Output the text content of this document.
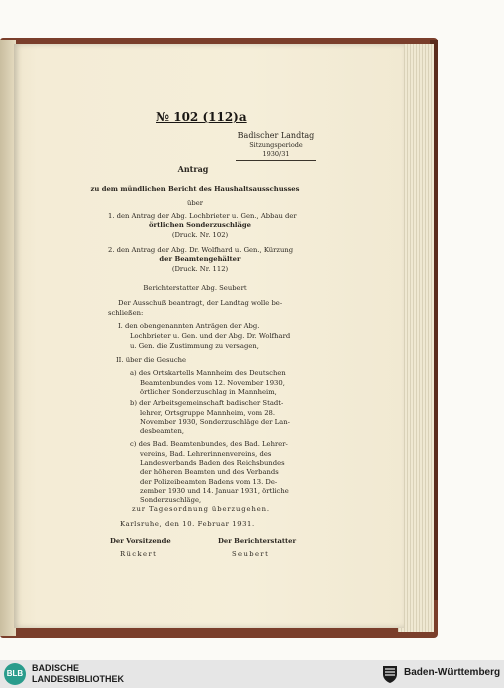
№ 102 (112)a
Badischer Landtag
Sitzungsperiode
1930/31
Antrag
zu dem mündlichen Bericht des Haushaltsausschusses
über
1. den Antrag der Abg. Lochbrieter u. Gen., Abbau der
örtlichen Sonderzuschläge
(Druck. Nr. 102)
2. den Antrag der Abg. Dr. Wolfhard u. Gen., Kürzung
der Beamtengehälter
(Druck. Nr. 112)
Berichterstatter Abg. Seubert
Der Ausschuß beantragt, der Landtag wolle be-
schließen:
I. den obengenannten Anträgen der Abg.
Lochbrieter u. Gen. und der Abg. Dr. Wolfhard
u. Gen. die Zustimmung zu versagen,
II. über die Gesuche
a) des Ortskartells Mannheim des Deutschen
Beamtenbundes vom 12. November 1930,
örtlicher Sonderzuschlag in Mannheim,
b) der Arbeitsgemeinschaft badischer Stadt-
lehrer, Ortsgruppe Mannheim, vom 28.
November 1930, Sonderzuschläge der Lan-
desbeamten,
c) des Bad. Beamtenbundes, des Bad. Lehrer-
vereins, Bad. Lehrerinnenvereins, des
Landesverbands Baden des Reichsbundes
der höheren Beamten und des Verbands
der Polizeibeamten Badens vom 13. De-
zember 1930 und 14. Januar 1931, örtliche
Sonderzuschläge,
zur Tagesordnung überzugehen.
Karlsruhe, den 10. Februar 1931.
Der Vorsitzende
Rückert
Der Berichterstatter
Seubert
BLB
BADISCHE
LANDESBIBLIOTHEK
Baden-Württemberg
